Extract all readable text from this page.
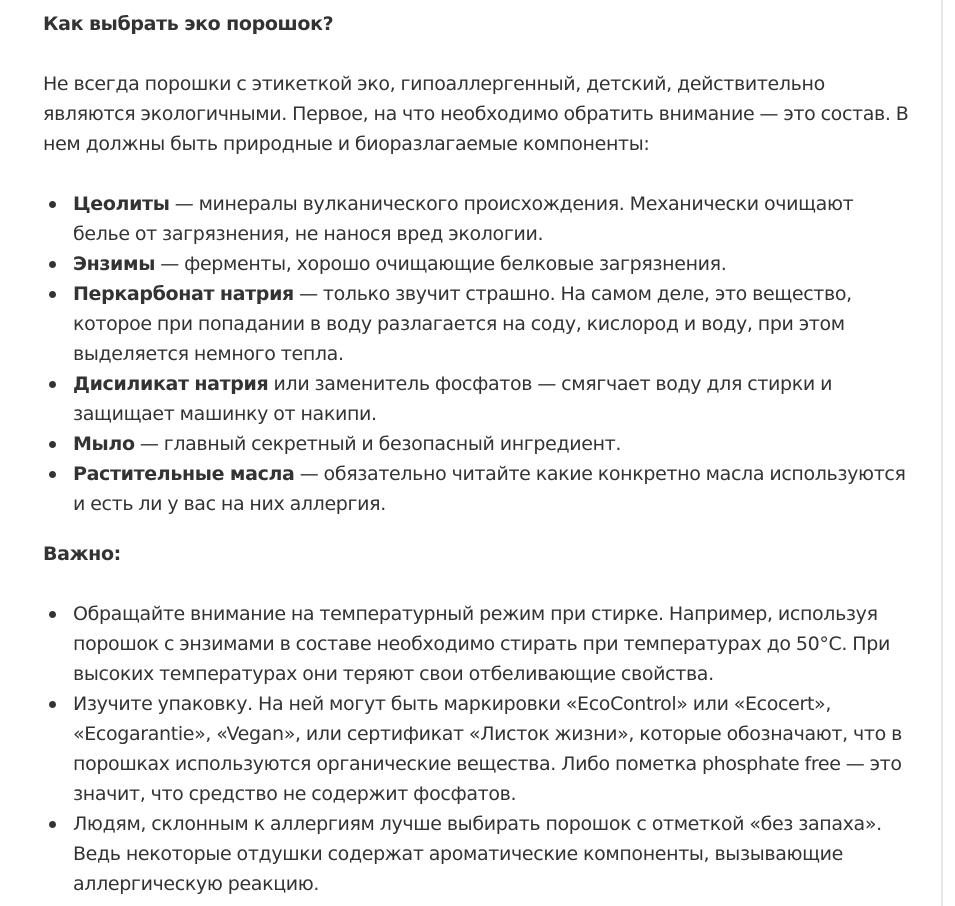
Как выбрать эко порошок?

Не всегда порошки с этикеткой эко, гипоаллергенный, детский, действительно являются экологичными. Первое, на что необходимо обратить внимание — это состав. В нем должны быть природные и биоразлагаемые компоненты:

Цеолиты — минералы вулканического происхождения. Механически очищают белье от загрязнения, не нанося вред экологии.
Энзимы — ферменты, хорошо очищающие белковые загрязнения.
Перкарбонат натрия — только звучит страшно. На самом деле, это вещество, которое при попадании в воду разлагается на соду, кислород и воду, при этом выделяется немного тепла.
Дисиликат натрия или заменитель фосфатов — смягчает воду для стирки и защищает машинку от накипи.
Мыло — главный секретный и безопасный ингредиент.
Растительные масла — обязательно читайте какие конкретно масла используются и есть ли у вас на них аллергия.
Важно:
Обращайте внимание на температурный режим при стирке. Например, используя порошок с энзимами в составе необходимо стирать при температурах до 50°C. При высоких температурах они теряют свои отбеливающие свойства.
Изучите упаковку. На ней могут быть маркировки «EcoControl» или «Ecocert», «Ecogarantie», «Vegan», или сертификат «Листок жизни», которые обозначают, что в порошках используются органические вещества. Либо пометка phosphate free — это значит, что средство не содержит фосфатов.
Людям, склонным к аллергиям лучше выбирать порошок с отметкой «без запаха». Ведь некоторые отдушки содержат ароматические компоненты, вызывающие аллергическую реакцию.
